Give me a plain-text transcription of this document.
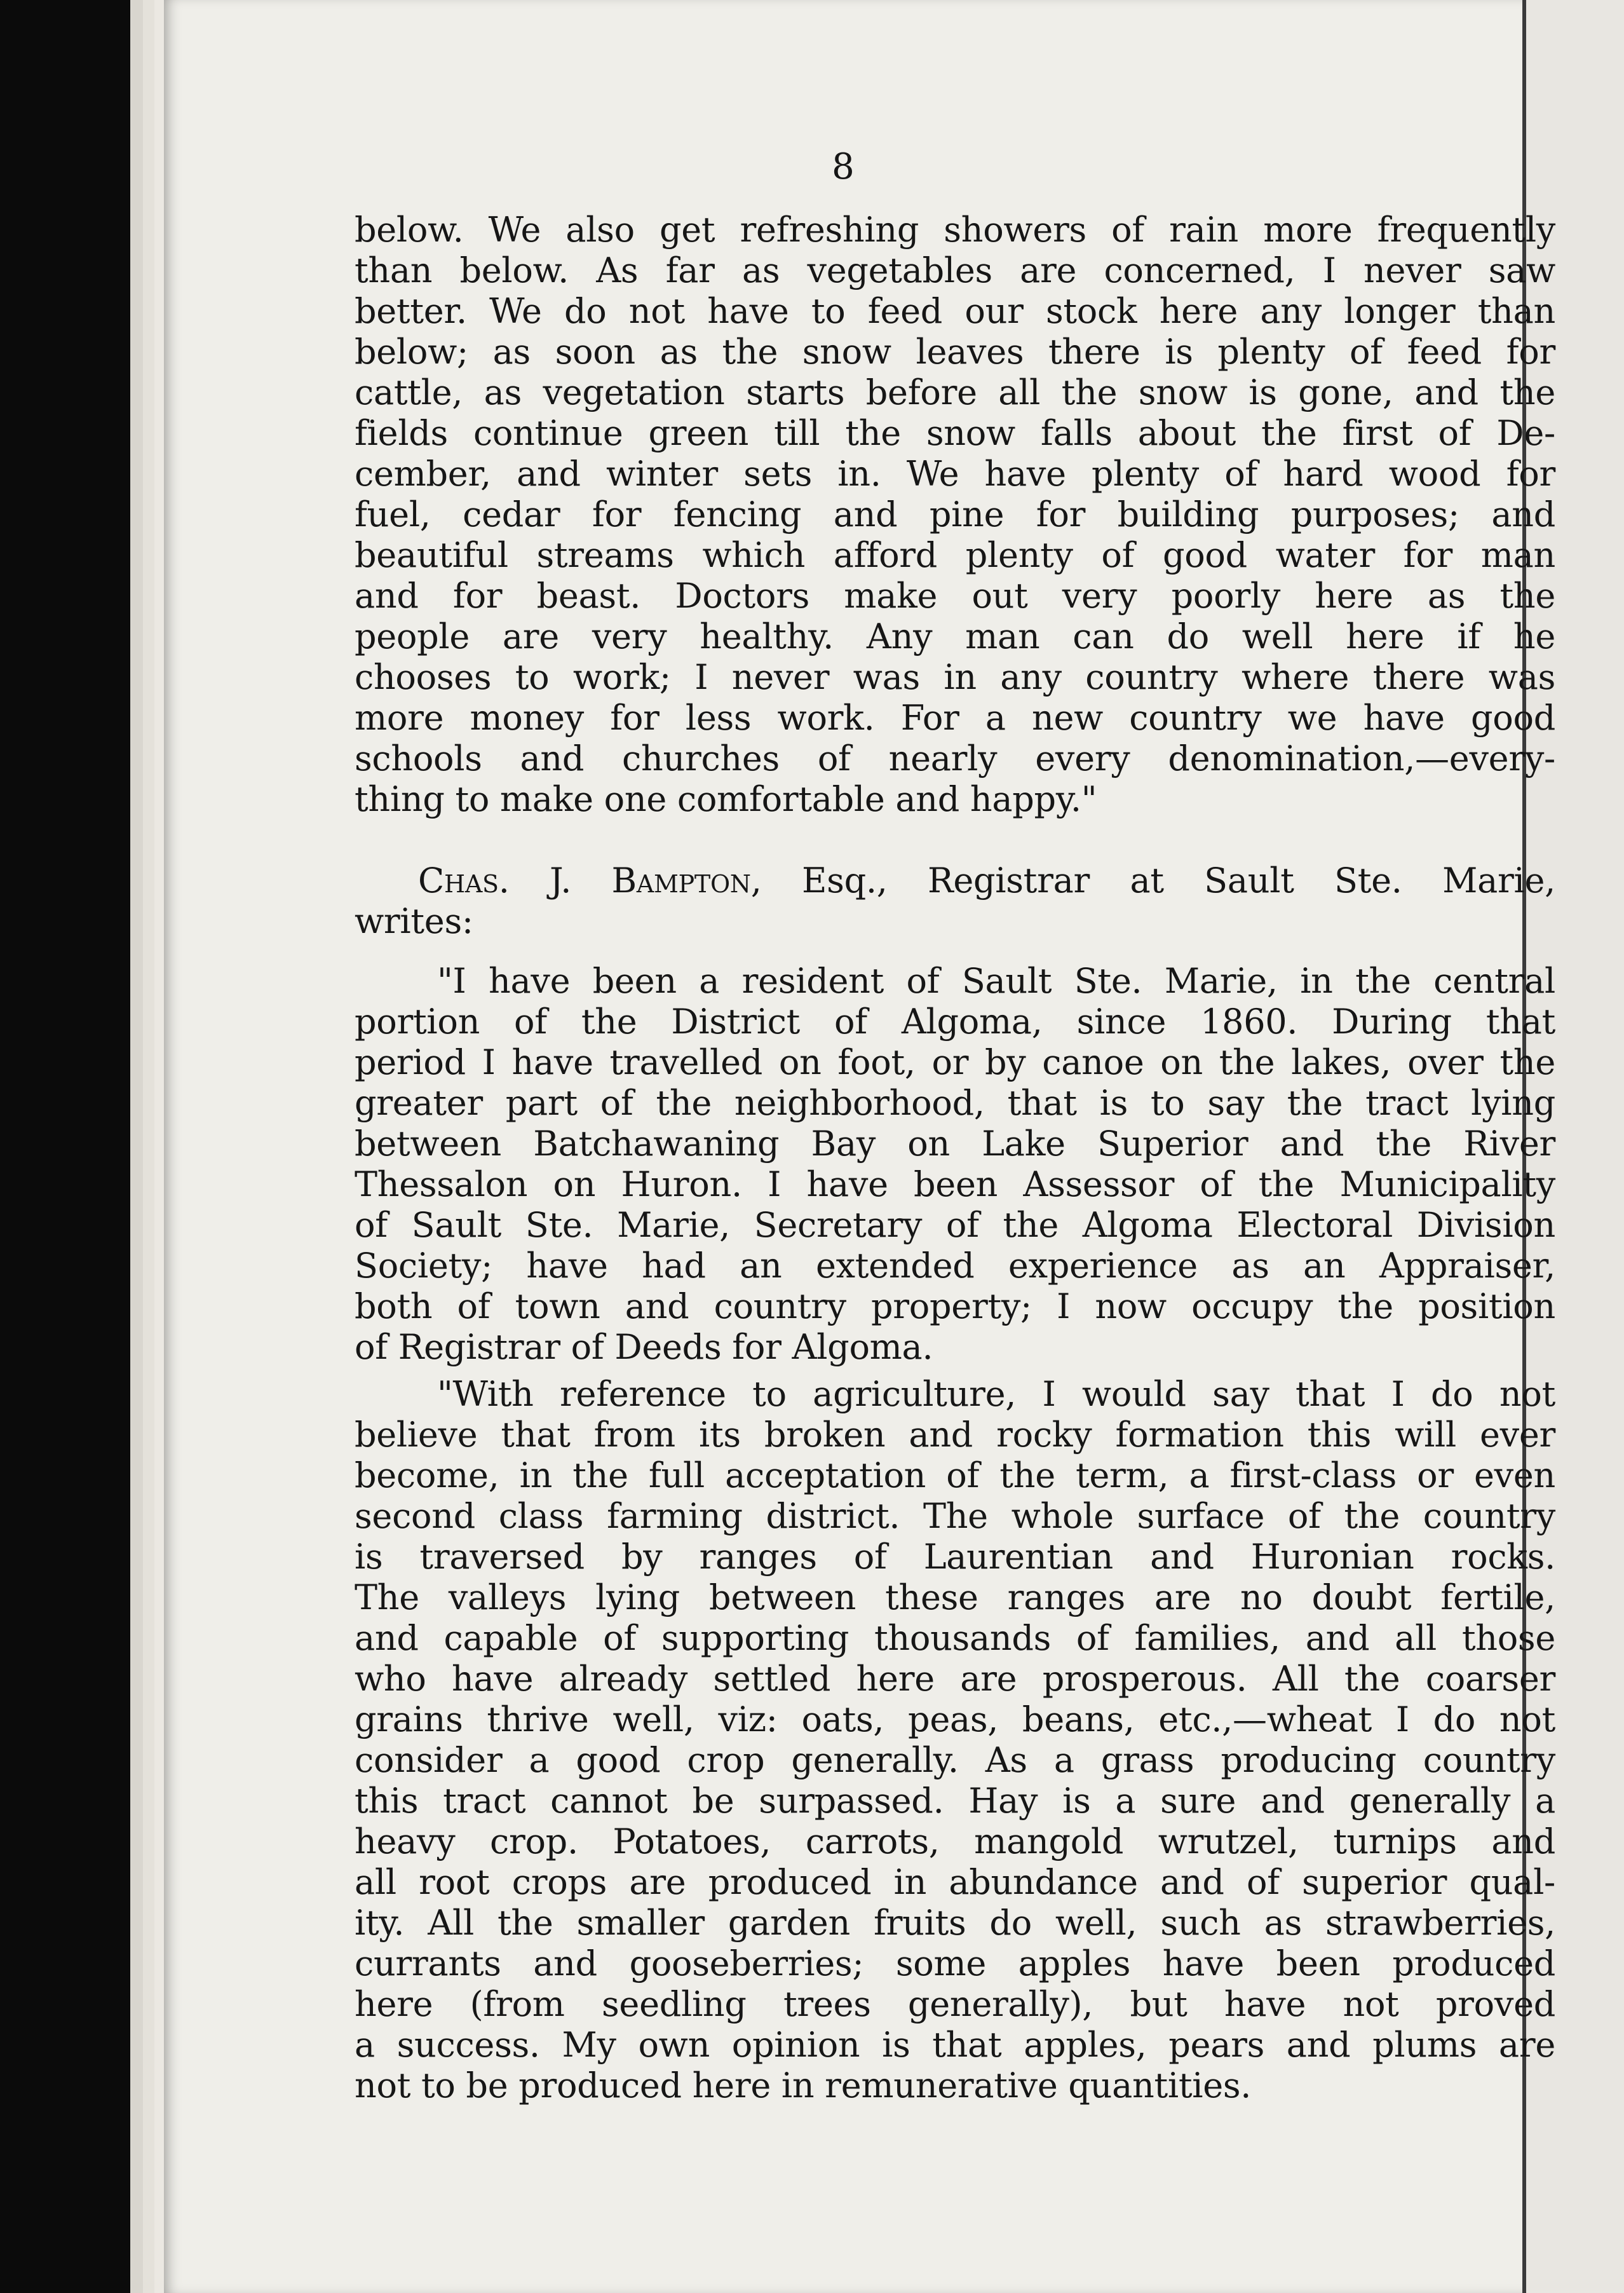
8
below. We also get refreshing showers of rain more frequently
than below. As far as vegetables are concerned, I never saw
better. We do not have to feed our stock here any longer than
below; as soon as the snow leaves there is plenty of feed for
cattle, as vegetation starts before all the snow is gone, and the
fields continue green till the snow falls about the first of De-
cember, and winter sets in. We have plenty of hard wood for
fuel, cedar for fencing and pine for building purposes; and
beautiful streams which afford plenty of good water for man
and for beast. Doctors make out very poorly here as the
people are very healthy. Any man can do well here if he
chooses to work; I never was in any country where there was
more money for less work. For a new country we have good
schools and churches of nearly every denomination,—every-
thing to make one comfortable and happy."
Chas. J. Bampton, Esq., Registrar at Sault Ste. Marie,
writes:
"I have been a resident of Sault Ste. Marie, in the central
portion of the District of Algoma, since 1860. During that
period I have travelled on foot, or by canoe on the lakes, over the
greater part of the neighborhood, that is to say the tract lying
between Batchawaning Bay on Lake Superior and the River
Thessalon on Huron. I have been Assessor of the Municipality
of Sault Ste. Marie, Secretary of the Algoma Electoral Division
Society; have had an extended experience as an Appraiser,
both of town and country property; I now occupy the position
of Registrar of Deeds for Algoma.
"With reference to agriculture, I would say that I do not
believe that from its broken and rocky formation this will ever
become, in the full acceptation of the term, a first-class or even
second class farming district. The whole surface of the country
is traversed by ranges of Laurentian and Huronian rocks.
The valleys lying between these ranges are no doubt fertile,
and capable of supporting thousands of families, and all those
who have already settled here are prosperous. All the coarser
grains thrive well, viz: oats, peas, beans, etc.,—wheat I do not
consider a good crop generally. As a grass producing country
this tract cannot be surpassed. Hay is a sure and generally a
heavy crop. Potatoes, carrots, mangold wrutzel, turnips and
all root crops are produced in abundance and of superior qual-
ity. All the smaller garden fruits do well, such as strawberries,
currants and gooseberries; some apples have been produced
here (from seedling trees generally), but have not proved
a success. My own opinion is that apples, pears and plums are
not to be produced here in remunerative quantities.
